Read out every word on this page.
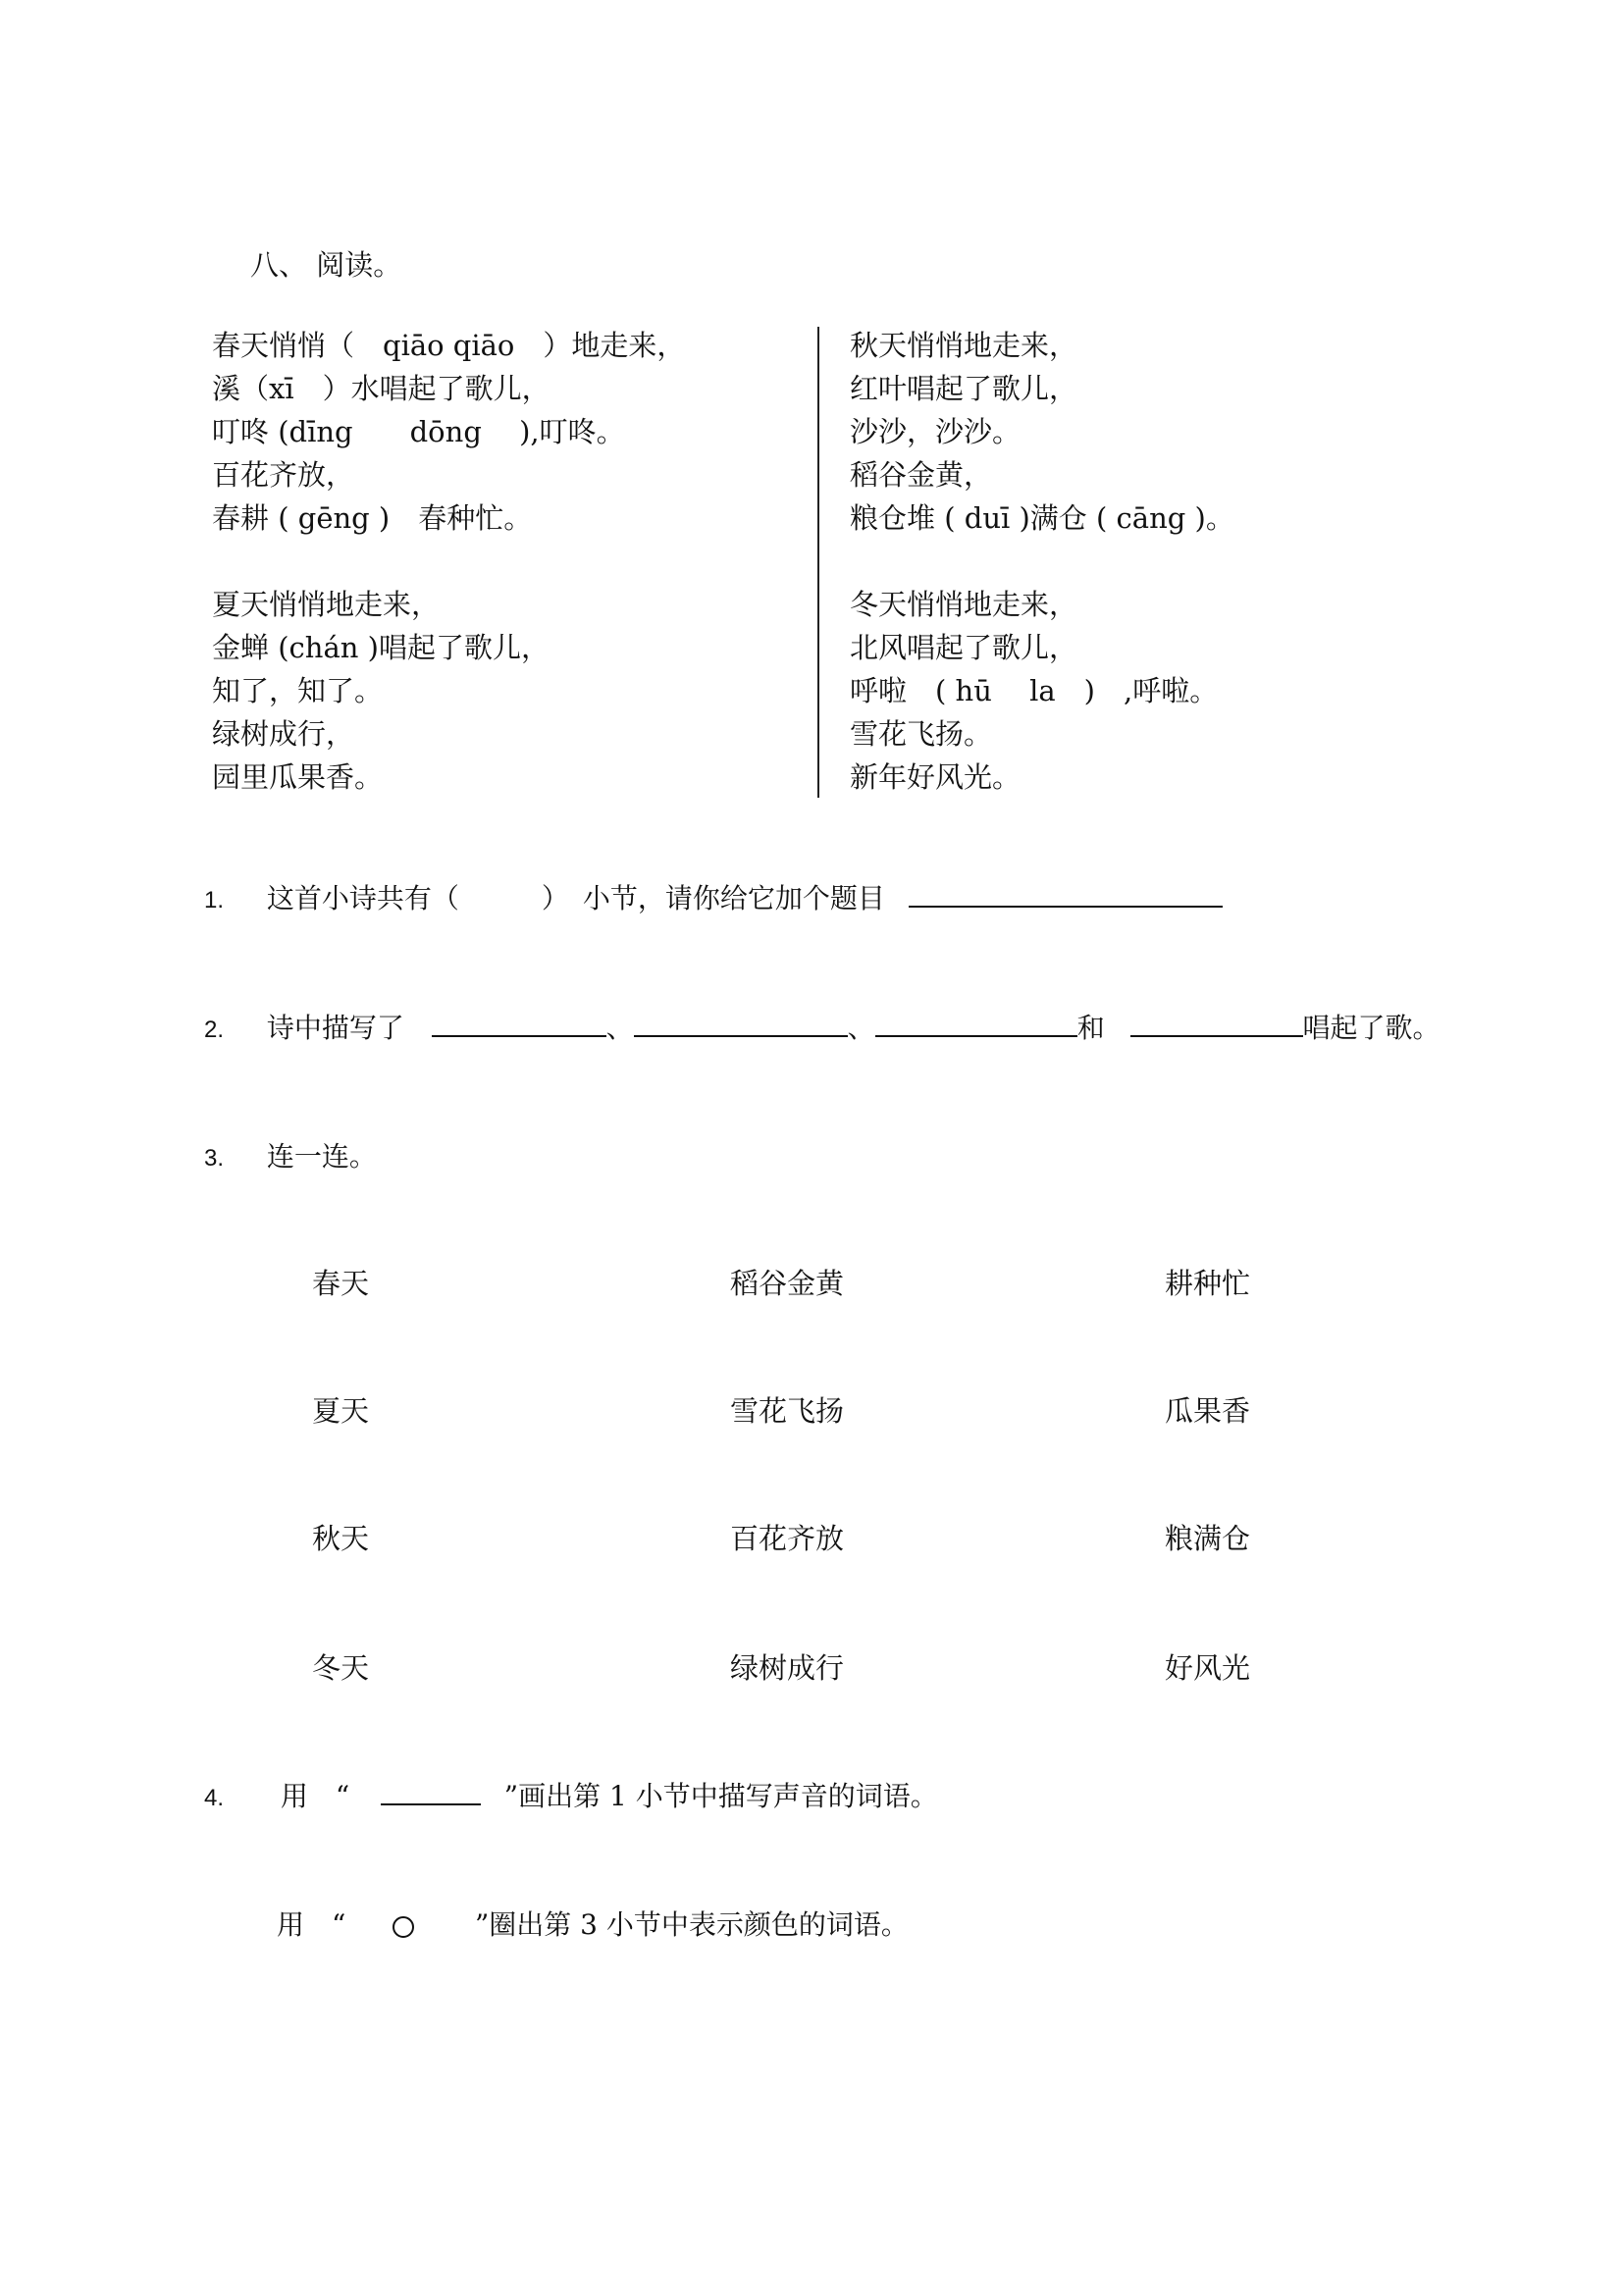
八、 阅读。
春天悄悄（　qiāo qiāo　）地走来，
溪（xī　）水唱起了歌儿，
叮咚 (dīng　　dōng　 ),叮咚。
百花齐放，
春耕 ( gēng )　春种忙。
夏天悄悄地走来，
金蝉 (chán )唱起了歌儿，
知了，知了。
绿树成行，
园里瓜果香。
秋天悄悄地走来，
红叶唱起了歌儿，
沙沙，沙沙。
稻谷金黄，
粮仓堆 ( duī )满仓 ( cāng )。
冬天悄悄地走来，
北风唱起了歌儿，
呼啦　( hū　 la　)　,呼啦。
雪花飞扬。
新年好风光。
1. 这首小诗共有（　　　）　小节，请你给它加个题目
2. 诗中描写了	、	、	和	唱起了歌。
3. 连一连。
春天	稻谷金黄	耕种忙
夏天	雪花飞扬	瓜果香
秋天	百花齐放	粮满仓
冬天	绿树成行	好风光
4. 用　“	”画出第 1 小节中描写声音的词语。
用　“	”圈出第 3 小节中表示颜色的词语。
